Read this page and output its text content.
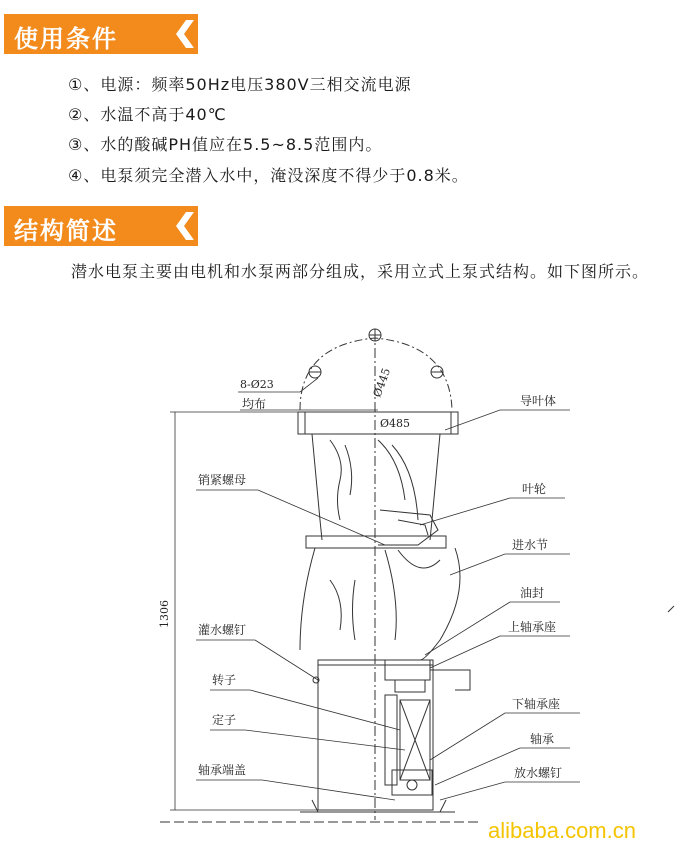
使用条件
①、电源：频率50Hz电压380V三相交流电源
②、水温不高于40℃
③、水的酸碱PH值应在5.5~8.5范围内。
④、电泵须完全潜入水中，淹没深度不得少于0.8米。
结构简述
潜水电泵主要由电机和水泵两部分组成，采用立式上泵式结构。如下图所示。
1306
8-Ø23
均布
Ø445
Ø485
销紧螺母
灌水螺钉
转子
定子
轴承端盖
导叶体
叶轮
进水节
油封
上轴承座
下轴承座
轴承
放水螺钉
alibaba.com.cn
